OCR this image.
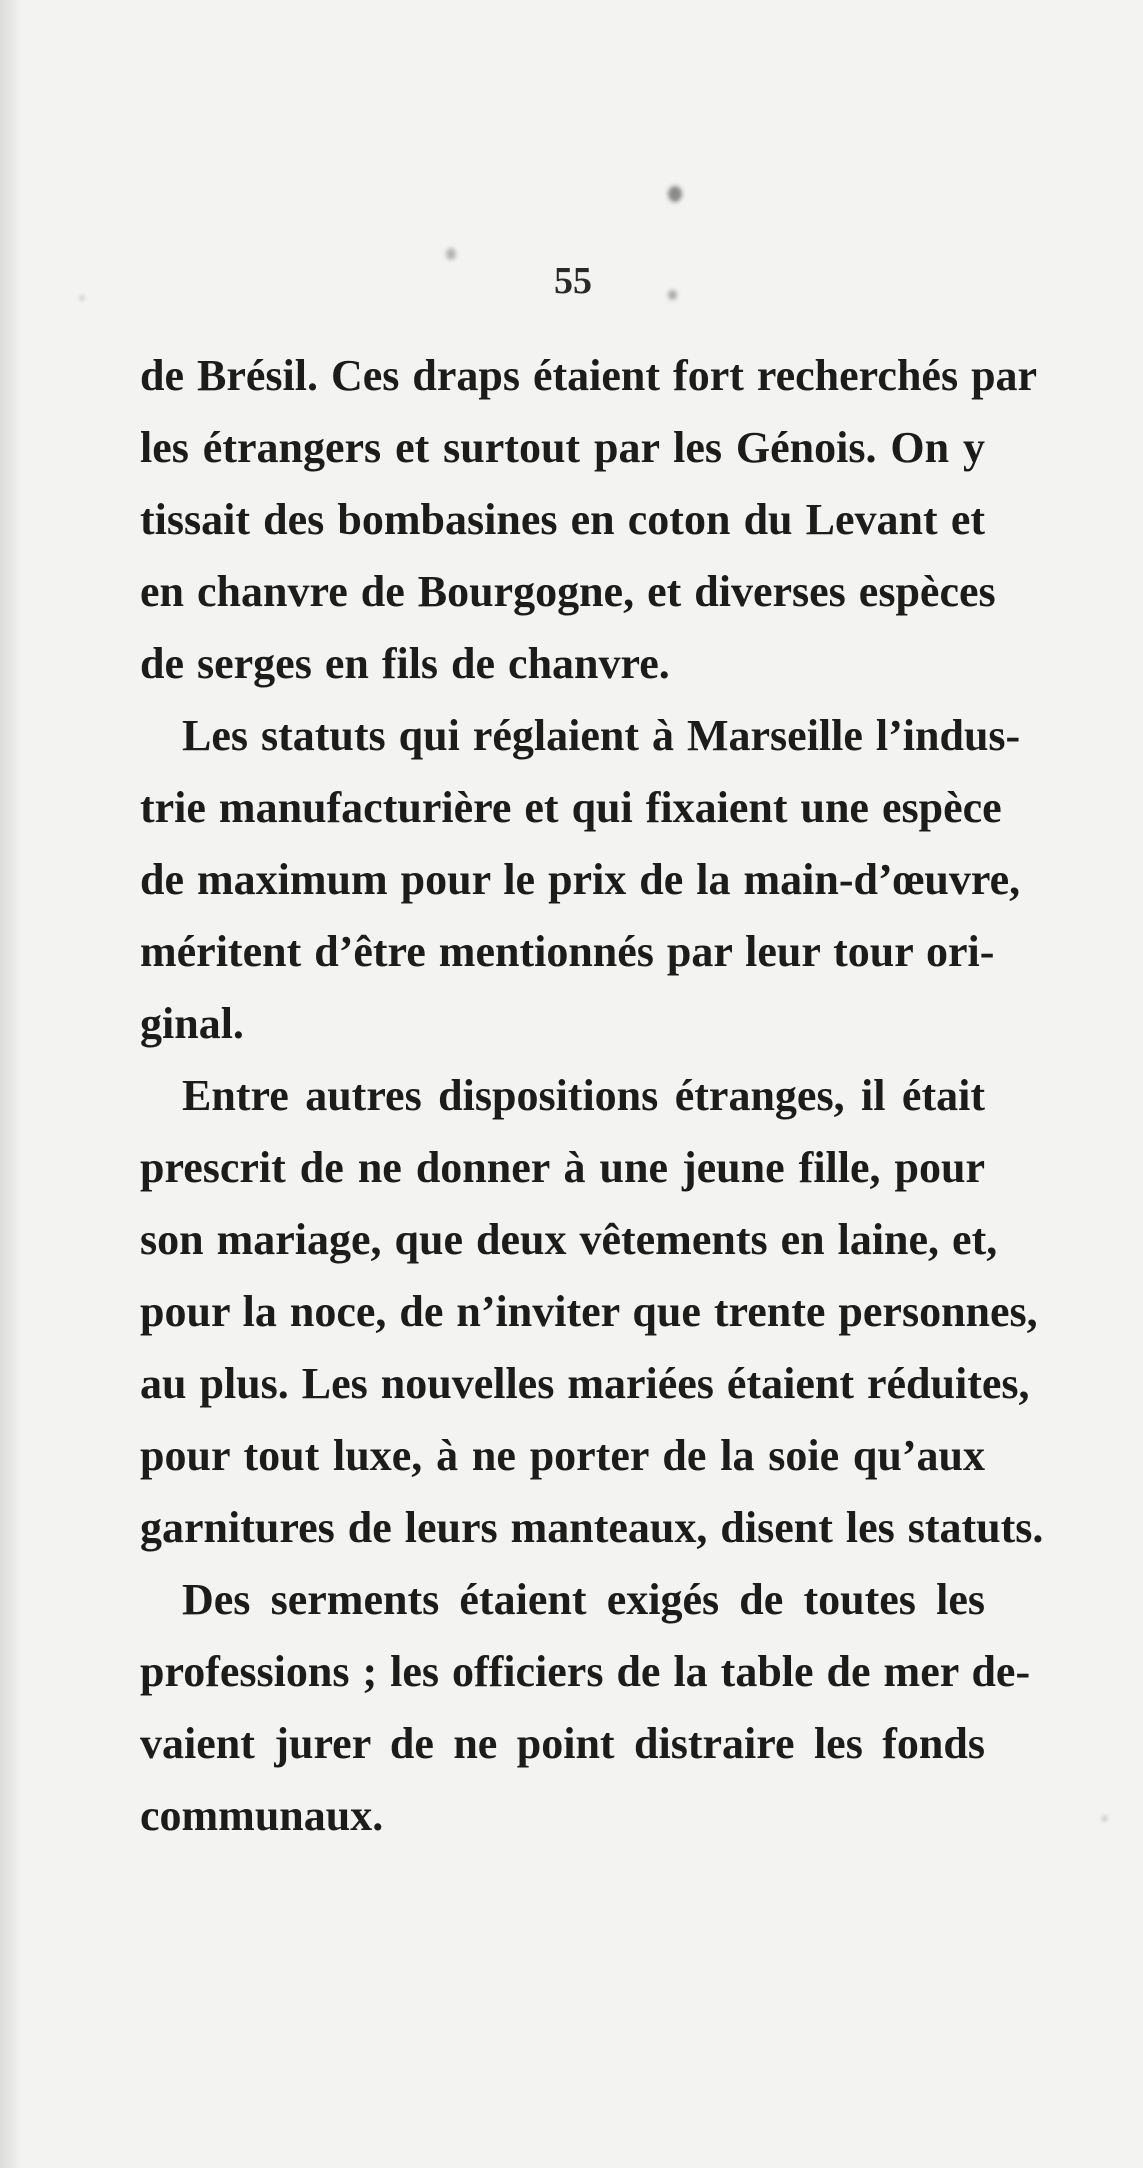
55
de Brésil. Ces draps étaient fort recherchés par
les étrangers et surtout par les Génois. On y
tissait des bombasines en coton du Levant et
en chanvre de Bourgogne, et diverses espèces
de serges en fils de chanvre.
Les statuts qui réglaient à Marseille l’indus-
trie manufacturière et qui fixaient une espèce
de maximum pour le prix de la main-d’œuvre,
méritent d’être mentionnés par leur tour ori-
ginal.
Entre autres dispositions étranges, il était
prescrit de ne donner à une jeune fille, pour
son mariage, que deux vêtements en laine, et,
pour la noce, de n’inviter que trente personnes,
au plus. Les nouvelles mariées étaient réduites,
pour tout luxe, à ne porter de la soie qu’aux
garnitures de leurs manteaux, disent les statuts.
Des serments étaient exigés de toutes les
professions ; les officiers de la table de mer de-
vaient jurer de ne point distraire les fonds
communaux.
